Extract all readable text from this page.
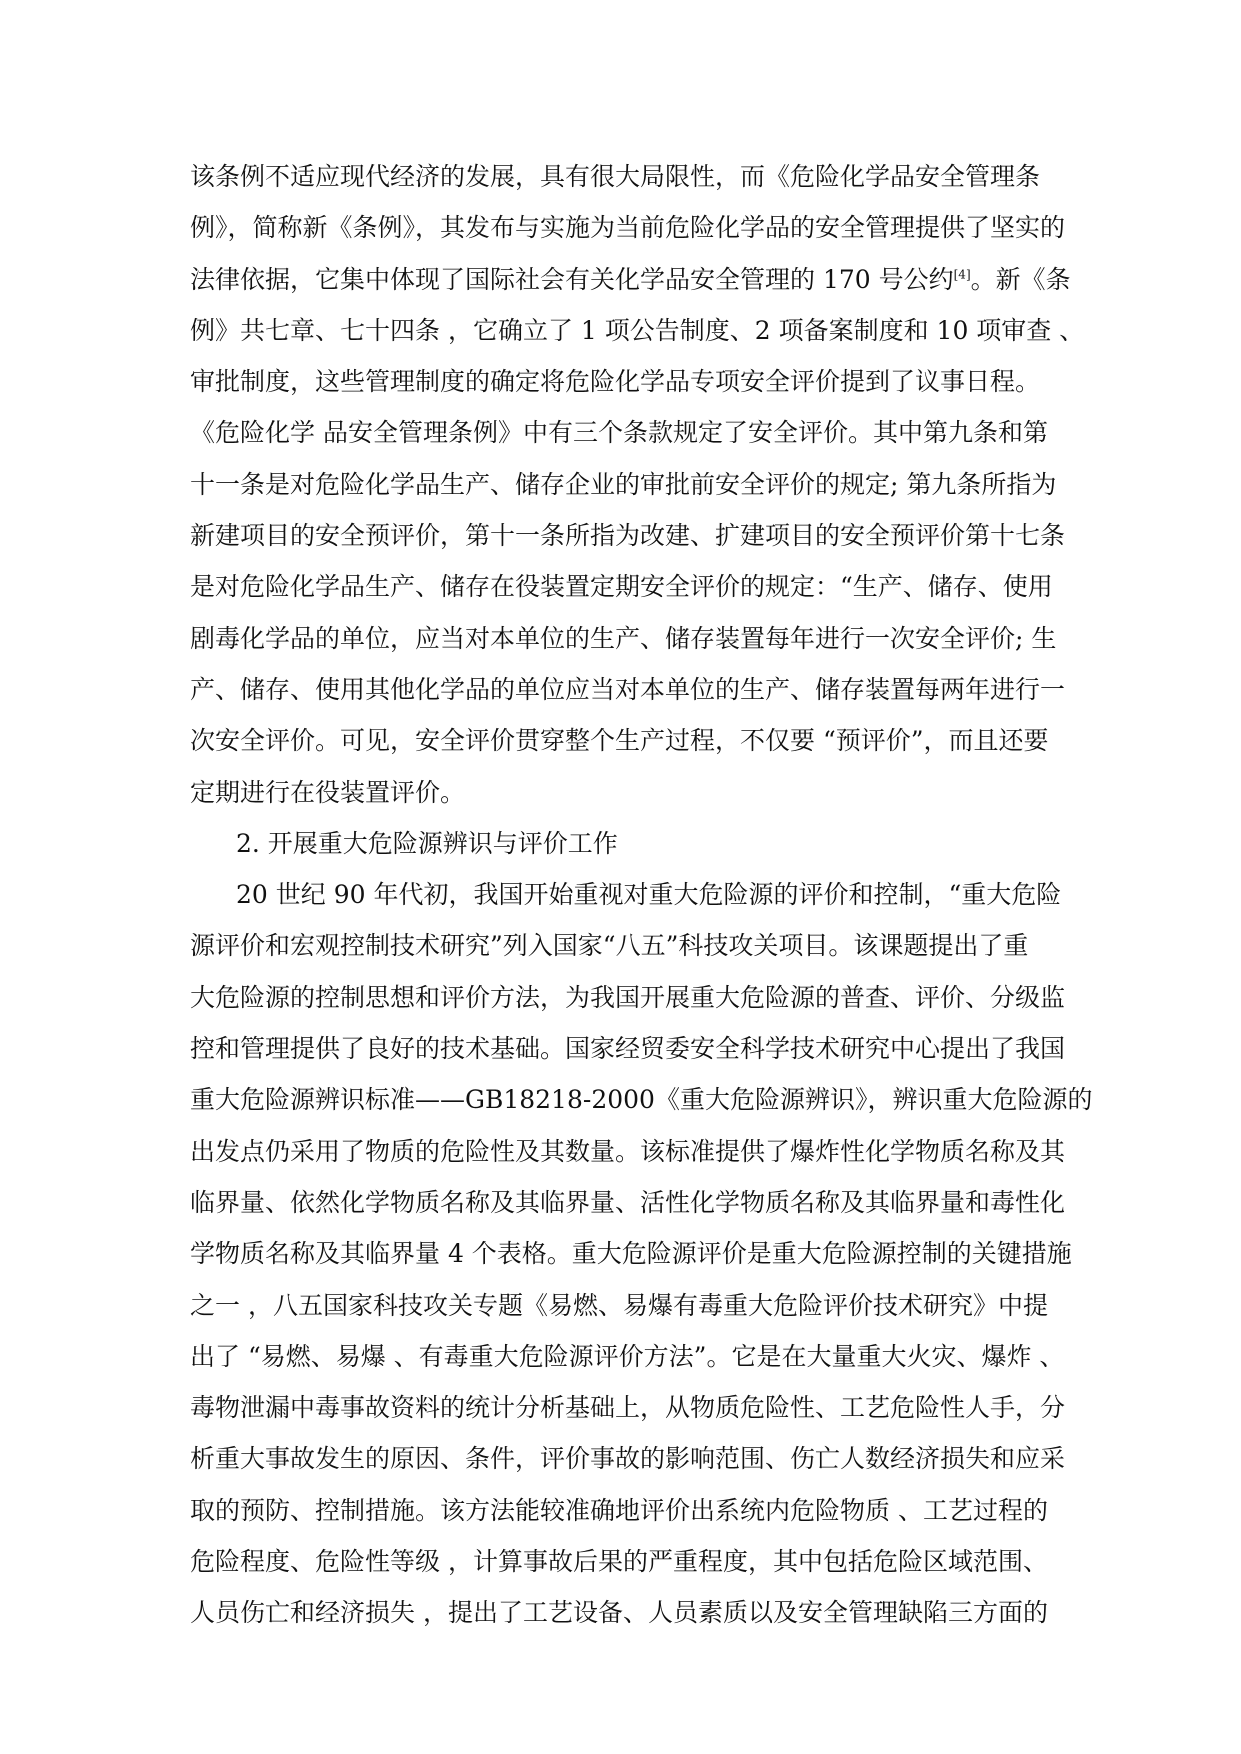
该条例不适应现代经济的发展，具有很大局限性，而《危险化学品安全管理条
例》，简称新《条例》，其发布与实施为当前危险化学品的安全管理提供了坚实的
法律依据，它集中体现了国际社会有关化学品安全管理的 170 号公约[4]。新《条
例》共七章、七十四条 ，它确立了 1 项公告制度、2 项备案制度和 10 项审查 、
审批制度，这些管理制度的确定将危险化学品专项安全评价提到了议事日程。
《危险化学 品安全管理条例》中有三个条款规定了安全评价。其中第九条和第
十一条是对危险化学品生产、储存企业的审批前安全评价的规定; 第九条所指为
新建项目的安全预评价，第十一条所指为改建、扩建项目的安全预评价第十七条
是对危险化学品生产、储存在役装置定期安全评价的规定：“生产、储存、使用
剧毒化学品的单位，应当对本单位的生产、储存装置每年进行一次安全评价; 生
产、储存、使用其他化学品的单位应当对本单位的生产、储存装置每两年进行一
次安全评价。可见，安全评价贯穿整个生产过程，不仅要 “预评价”，而且还要
定期进行在役装置评价。
2. 开展重大危险源辨识与评价工作
20 世纪 90 年代初，我国开始重视对重大危险源的评价和控制，“重大危险
源评价和宏观控制技术研究”列入国家“八五”科技攻关项目。该课题提出了重
大危险源的控制思想和评价方法，为我国开展重大危险源的普查、评价、分级监
控和管理提供了良好的技术基础。国家经贸委安全科学技术研究中心提出了我国
重大危险源辨识标准——GB18218-2000《重大危险源辨识》，辨识重大危险源的
出发点仍采用了物质的危险性及其数量。该标准提供了爆炸性化学物质名称及其
临界量、依然化学物质名称及其临界量、活性化学物质名称及其临界量和毒性化
学物质名称及其临界量 4 个表格。重大危险源评价是重大危险源控制的关键措施
之一 ，八五国家科技攻关专题《易燃、易爆有毒重大危险评价技术研究》中提
出了 “易燃、易爆 、有毒重大危险源评价方法”。它是在大量重大火灾、爆炸 、
毒物泄漏中毒事故资料的统计分析基础上，从物质危险性、工艺危险性人手，分
析重大事故发生的原因、条件，评价事故的影响范围、伤亡人数经济损失和应采
取的预防、控制措施。该方法能较准确地评价出系统内危险物质 、工艺过程的
危险程度、危险性等级 ，计算事故后果的严重程度，其中包括危险区域范围、
人员伤亡和经济损失 ，提出了工艺设备、人员素质以及安全管理缺陷三方面的
